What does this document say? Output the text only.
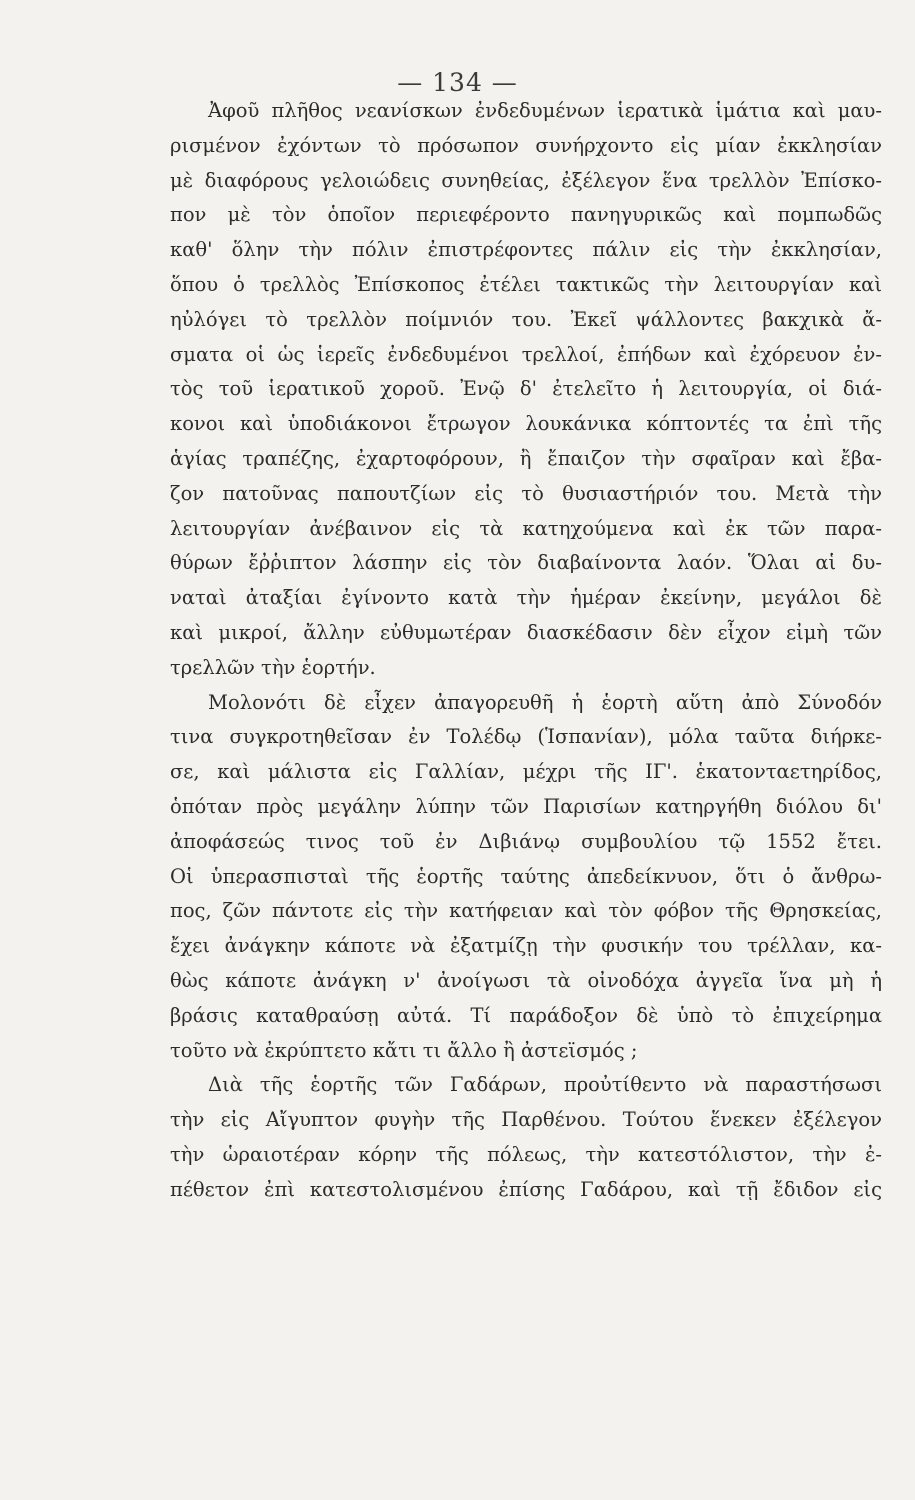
— 134 —
Ἀφοῦ πλῆθος νεανίσκων ἐνδεδυμένων ἱερατικὰ ἱμάτια καὶ μαυ-
ρισμένον ἐχόντων τὸ πρόσωπον συνήρχοντο εἰς μίαν ἐκκλησίαν
μὲ διαφόρους γελοιώδεις συνηθείας, ἐξέλεγον ἕνα τρελλὸν Ἐπίσκο-
πον μὲ τὸν ὁποῖον περιεφέροντο πανηγυρικῶς καὶ πομπωδῶς
καθ' ὅλην τὴν πόλιν ἐπιστρέφοντες πάλιν εἰς τὴν ἐκκλησίαν,
ὅπου ὁ τρελλὸς Ἐπίσκοπος ἐτέλει τακτικῶς τὴν λειτουργίαν καὶ
ηὐλόγει τὸ τρελλὸν ποίμνιόν του. Ἐκεῖ ψάλλοντες βακχικὰ ἄ-
σματα οἱ ὡς ἱερεῖς ἐνδεδυμένοι τρελλοί, ἐπήδων καὶ ἐχόρευον ἐν-
τὸς τοῦ ἱερατικοῦ χοροῦ. Ἐνῷ δ' ἐτελεῖτο ἡ λειτουργία, οἱ διά-
κονοι καὶ ὑποδιάκονοι ἔτρωγον λουκάνικα κόπτοντές τα ἐπὶ τῆς
ἁγίας τραπέζης, ἐχαρτοφόρουν, ἢ ἔπαιζον τὴν σφαῖραν καὶ ἔβα-
ζον πατοῦνας παπουτζίων εἰς τὸ θυσιαστήριόν του. Μετὰ τὴν
λειτουργίαν ἀνέβαινον εἰς τὰ κατηχούμενα καὶ ἐκ τῶν παρα-
θύρων ἔῤῥιπτον λάσπην εἰς τὸν διαβαίνοντα λαόν. Ὅλαι αἱ δυ-
ναταὶ ἀταξίαι ἐγίνοντο κατὰ τὴν ἡμέραν ἐκείνην, μεγάλοι δὲ
καὶ μικροί, ἄλλην εὐθυμωτέραν διασκέδασιν δὲν εἶχον εἰμὴ τῶν
τρελλῶν τὴν ἑορτήν.
Μολονότι δὲ εἶχεν ἀπαγορευθῆ ἡ ἑορτὴ αὕτη ἀπὸ Σύνοδόν
τινα συγκροτηθεῖσαν ἐν Τολέδῳ (Ἱσπανίαν), μόλα ταῦτα διήρκε-
σε, καὶ μάλιστα εἰς Γαλλίαν, μέχρι τῆς ΙΓ'. ἑκατονταετηρίδος,
ὁπόταν πρὸς μεγάλην λύπην τῶν Παρισίων κατηργήθη διόλου δι'
ἀποφάσεώς τινος τοῦ ἐν Διβιάνῳ συμβουλίου τῷ 1552 ἔτει.
Οἱ ὑπερασπισταὶ τῆς ἑορτῆς ταύτης ἀπεδείκνυον, ὅτι ὁ ἄνθρω-
πος, ζῶν πάντοτε εἰς τὴν κατήφειαν καὶ τὸν φόβον τῆς Θρησκείας,
ἔχει ἀνάγκην κάποτε νὰ ἐξατμίζῃ τὴν φυσικήν του τρέλλαν, κα-
θὼς κάποτε ἀνάγκη ν' ἀνοίγωσι τὰ οἰνοδόχα ἀγγεῖα ἵνα μὴ ἡ
βράσις καταθραύσῃ αὐτά. Τί παράδοξον δὲ ὑπὸ τὸ ἐπιχείρημα
τοῦτο νὰ ἐκρύπτετο κἄτι τι ἄλλο ἢ ἀστεϊσμός ;
Διὰ τῆς ἑορτῆς τῶν Γαδάρων, προὐτίθεντο νὰ παραστήσωσι
τὴν εἰς Αἴγυπτον φυγὴν τῆς Παρθένου. Τούτου ἕνεκεν ἐξέλεγον
τὴν ὡραιοτέραν κόρην τῆς πόλεως, τὴν κατεστόλιστον, τὴν ἐ-
πέθετον ἐπὶ κατεστολισμένου ἐπίσης Γαδάρου, καὶ τῇ ἔδιδον εἰς
